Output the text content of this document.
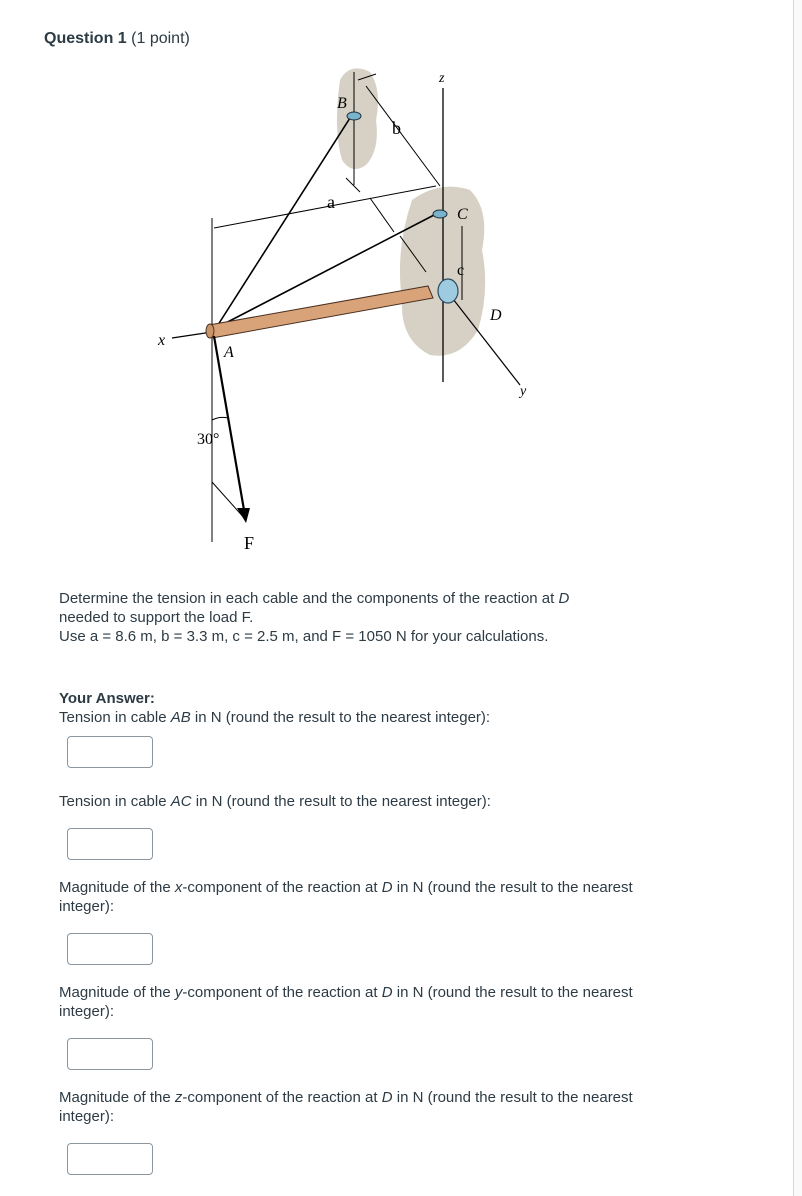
Question 1 (1 point)
z
B
b
a
C
c
D
x
A
y
30°
F
Determine the tension in each cable and the components of the reaction at D
needed to support the load F.
Use a = 8.6 m, b = 3.3 m, c = 2.5 m, and F = 1050 N for your calculations.
Your Answer:
Tension in cable AB in N (round the result to the nearest integer):
Tension in cable AC in N (round the result to the nearest integer):
Magnitude of the x-component of the reaction at D in N (round the result to the nearest integer):
Magnitude of the y-component of the reaction at D in N (round the result to the nearest integer):
Magnitude of the z-component of the reaction at D in N (round the result to the nearest integer):
